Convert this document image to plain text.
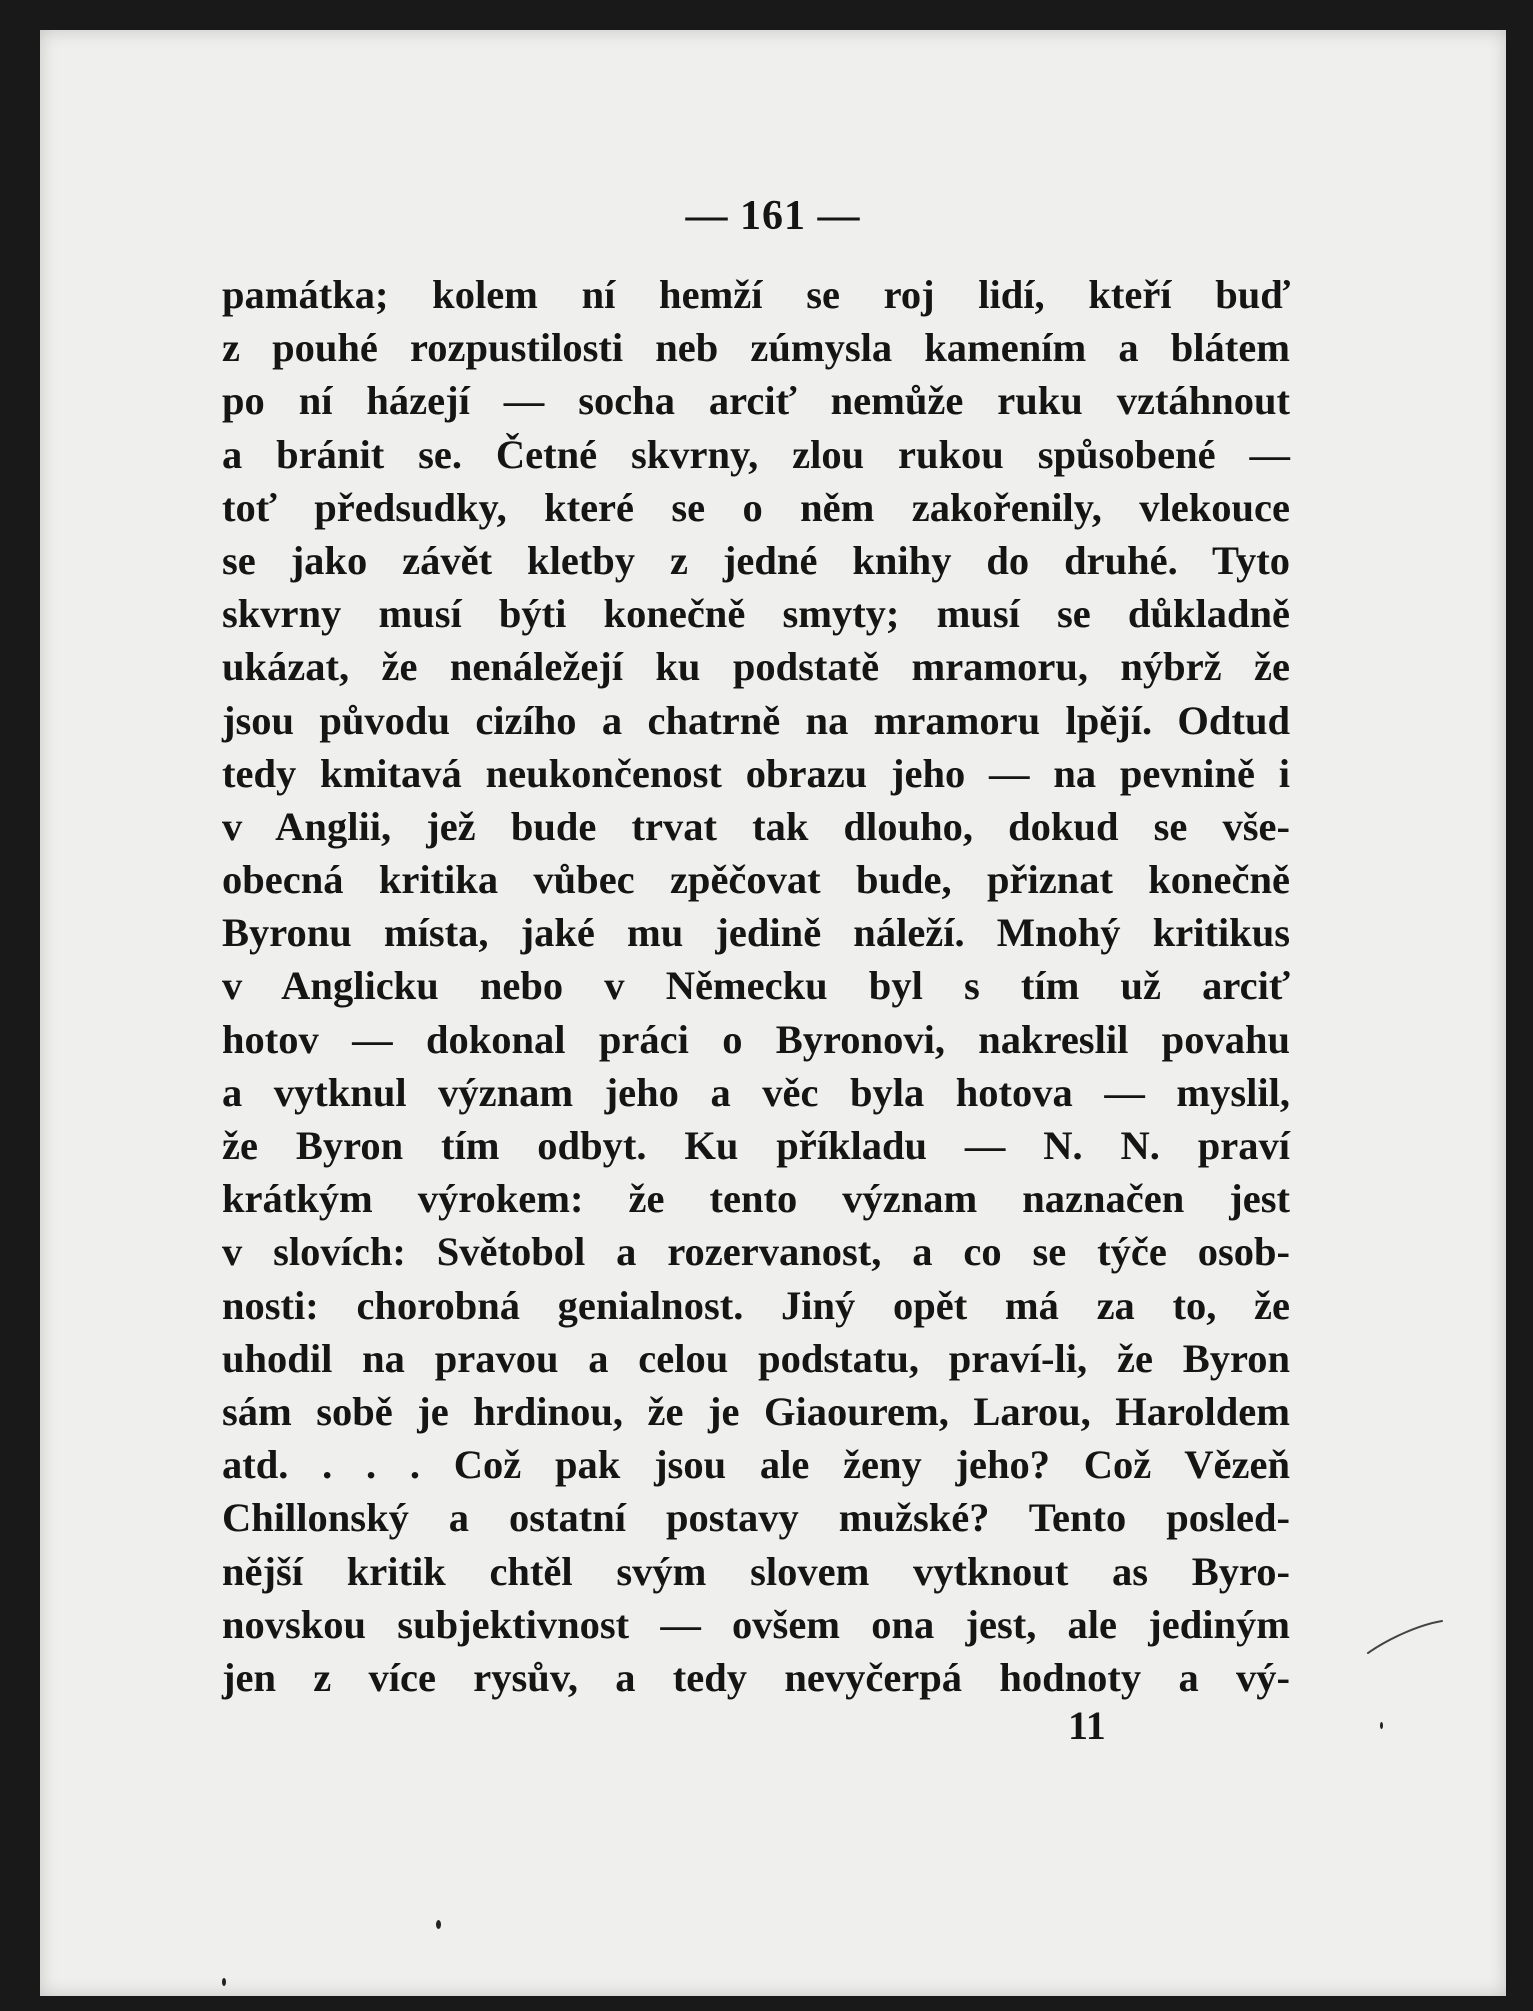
— 161 —
památka; kolem ní hemží se roj lidí, kteří buď
z pouhé rozpustilosti neb zúmysla kamením a blátem
po ní házejí — socha arciť nemůže ruku vztáhnout
a bránit se. Četné skvrny, zlou rukou spůsobené —
toť předsudky, které se o něm zakořenily, vlekouce
se jako závět kletby z jedné knihy do druhé. Tyto
skvrny musí býti konečně smyty; musí se důkladně
ukázat, že nenáležejí ku podstatě mramoru, nýbrž že
jsou původu cizího a chatrně na mramoru lpějí. Odtud
tedy kmitavá neukončenost obrazu jeho — na pevnině i
v Anglii, jež bude trvat tak dlouho, dokud se vše-
obecná kritika vůbec zpěčovat bude, přiznat konečně
Byronu místa, jaké mu jedině náleží. Mnohý kritikus
v Anglicku nebo v Německu byl s tím už arciť
hotov — dokonal práci o Byronovi, nakreslil povahu
a vytknul význam jeho a věc byla hotova — myslil,
že Byron tím odbyt. Ku příkladu — N. N. praví
krátkým výrokem: že tento význam naznačen jest
v slovích: Světobol a rozervanost, a co se týče osob-
nosti: chorobná genialnost. Jiný opět má za to, že
uhodil na pravou a celou podstatu, praví-li, že Byron
sám sobě je hrdinou, že je Giaourem, Larou, Haroldem
atd. . . . Což pak jsou ale ženy jeho? Což Vězeň
Chillonský a ostatní postavy mužské? Tento posled-
nější kritik chtěl svým slovem vytknout as Byro-
novskou subjektivnost — ovšem ona jest, ale jediným
jen z více rysův, a tedy nevyčerpá hodnoty a vý-
11
